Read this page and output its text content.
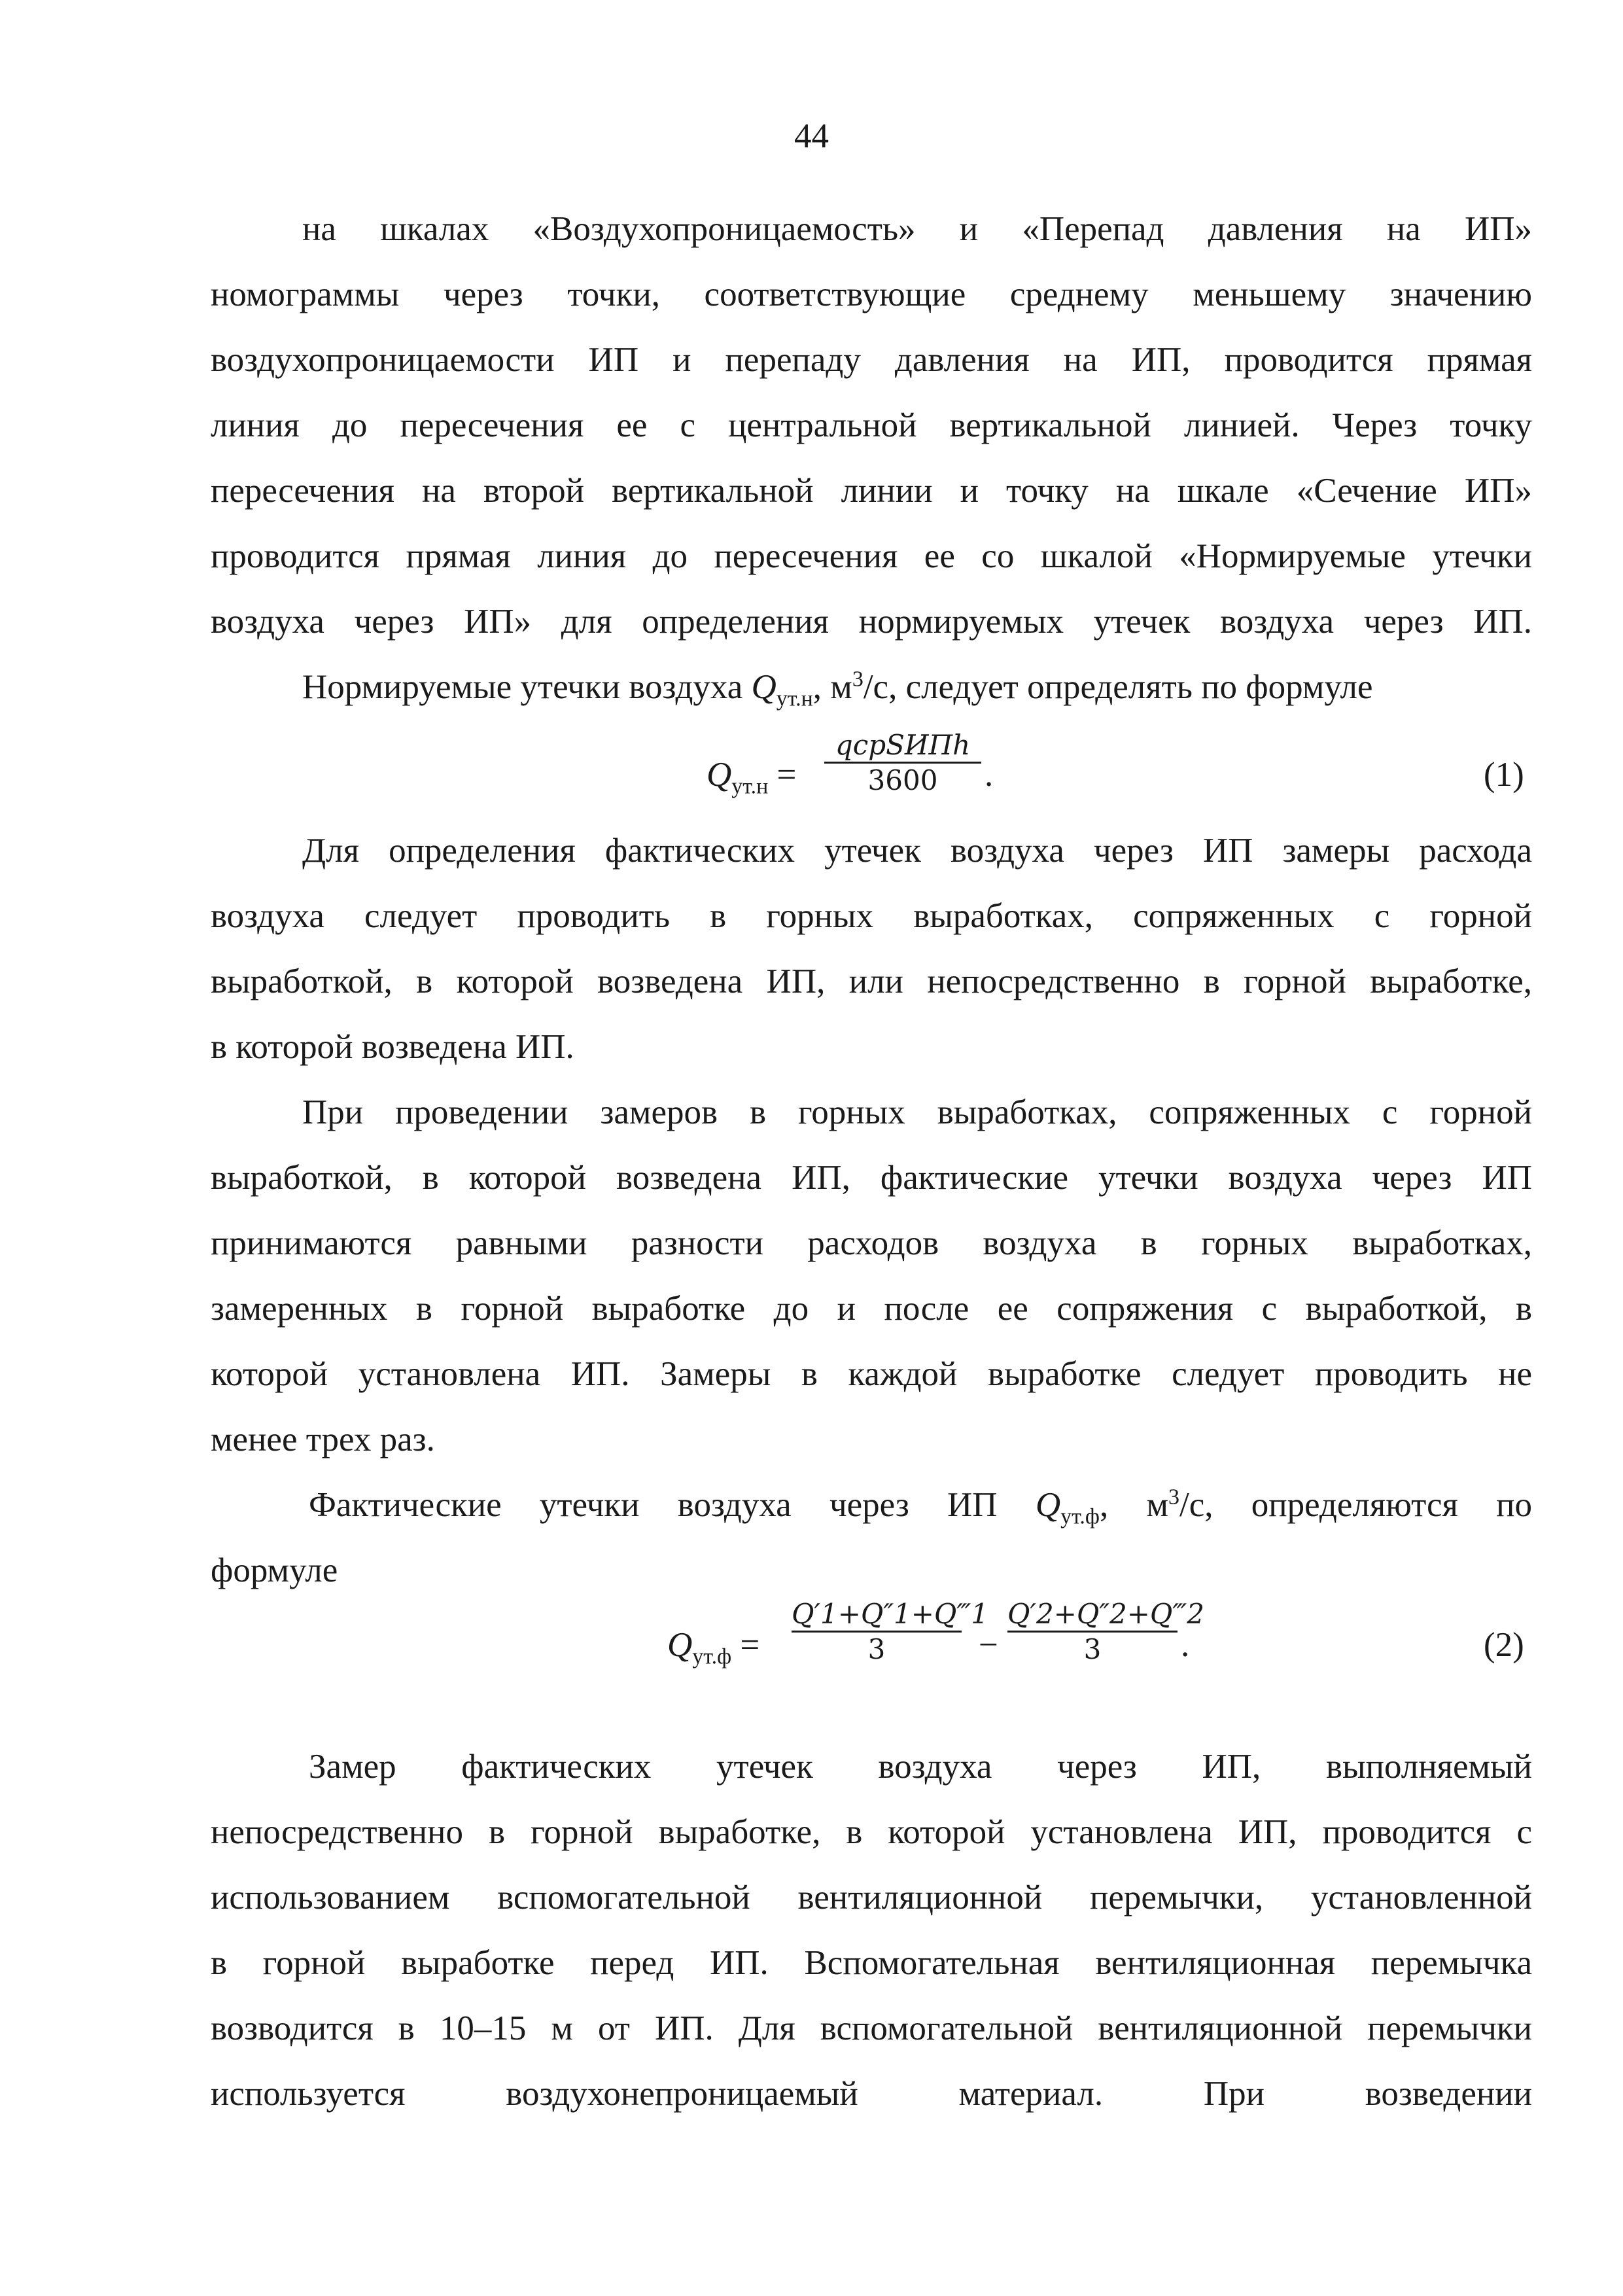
44
на шкалах «Воздухопроницаемость» и «Перепад давления на ИП»
номограммы через точки, соответствующие среднему меньшему значению
воздухопроницаемости ИП и перепаду давления на ИП, проводится прямая
линия до пересечения ее с центральной вертикальной линией. Через точку
пересечения на второй вертикальной линии и точку на шкале «Сечение ИП»
проводится прямая линия до пересечения ее со шкалой «Нормируемые утечки
воздуха через ИП» для определения нормируемых утечек воздуха через ИП.
Нормируемые утечки воздуха $Q_{ут.н}$, $м^3/с$, следует определять по формуле
$Q_{ут.н}$ =
qсрSИПh
3600	.	(1)
Для определения фактических утечек воздуха через ИП замеры расхода
воздуха следует проводить в горных выработках, сопряженных с горной
выработкой, в которой возведена ИП, или непосредственно в горной выработке,
в которой возведена ИП.
При проведении замеров в горных выработках, сопряженных с горной
выработкой, в которой возведена ИП, фактические утечки воздуха через ИП
принимаются равными разности расходов воздуха в горных выработках,
замеренных в горной выработке до и после ее сопряжения с выработкой, в
которой установлена ИП. Замеры в каждой выработке следует проводить не
менее трех раз.
Фактические утечки воздуха через ИП $Q_{ут.ф}$, $м^3/с$, определяются по
формуле
$Q_{ут.ф}$ =
Q′1+Q″1+Q‴1
3	−
Q′2+Q″2+Q‴2
3	.	(2)
Замер фактических утечек воздуха через ИП, выполняемый
непосредственно в горной выработке, в которой установлена ИП, проводится с
использованием вспомогательной вентиляционной перемычки, установленной
в горной выработке перед ИП. Вспомогательная вентиляционная перемычка
возводится в 10–15 м от ИП. Для вспомогательной вентиляционной перемычки
используется воздухонепроницаемый материал. При возведении
